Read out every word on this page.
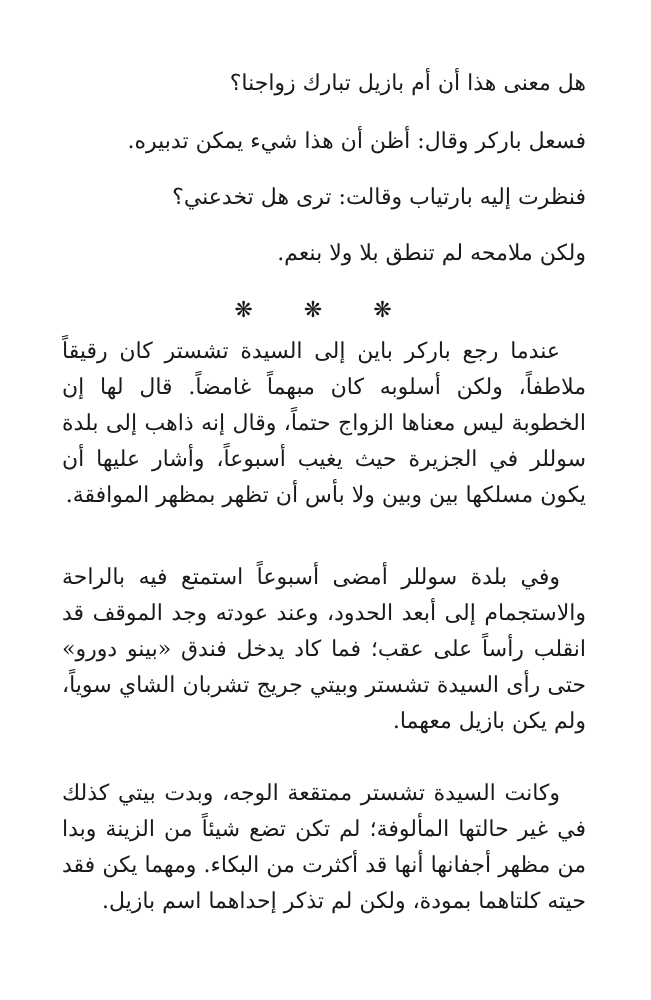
هل معنى هذا أن أم بازيل تبارك زواجنا؟
فسعل باركر وقال: أظن أن هذا شيء يمكن تدبيره.
فنظرت إليه بارتياب وقالت: ترى هل تخدعني؟
ولكن ملامحه لم تنطق بلا ولا بنعم.
❋ ❋ ❋

عندما رجع باركر باين إلى السيدة تشستر كان رقيقاً ملاطفاً، ولكن أسلوبه كان مبهماً غامضاً. قال لها إن الخطوبة ليس معناها الزواج حتماً، وقال إنه ذاهب إلى بلدة سوللر في الجزيرة حيث يغيب أسبوعاً، وأشار عليها أن يكون مسلكها بين وبين ولا بأس أن تظهر بمظهر الموافقة.

وفي بلدة سوللر أمضى أسبوعاً استمتع فيه بالراحة والاستجمام إلى أبعد الحدود، وعند عودته وجد الموقف قد انقلب رأساً على عقب؛ فما كاد يدخل فندق «بينو دورو» حتى رأى السيدة تشستر وبيتي جريج تشربان الشاي سوياً، ولم يكن بازيل معهما.

وكانت السيدة تشستر ممتقعة الوجه، وبدت بيتي كذلك في غير حالتها المألوفة؛ لم تكن تضع شيئاً من الزينة وبدا من مظهر أجفانها أنها قد أكثرت من البكاء. ومهما يكن فقد حيته كلتاهما بمودة، ولكن لم تذكر إحداهما اسم بازيل.
